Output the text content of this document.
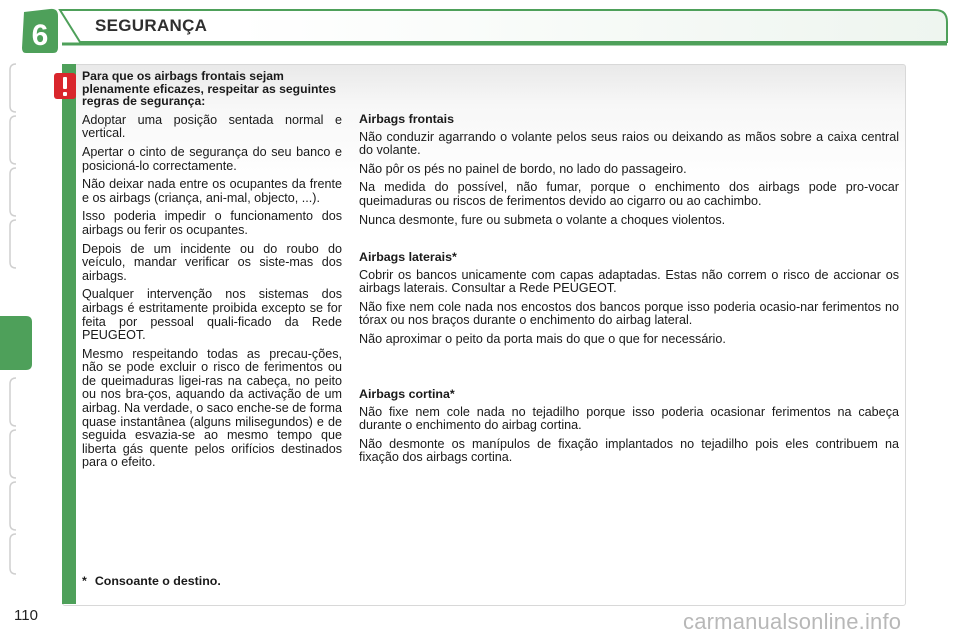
6	SEGURANÇA

Para que os airbags frontais sejam plenamente eficazes, respeitar as seguintes regras de segurança:

Adoptar uma posição sentada normal e vertical.

Apertar o cinto de segurança do seu banco e posicioná-lo correctamente.

Não deixar nada entre os ocupantes da frente e os airbags (criança, ani-mal, objecto, ...).

Isso poderia impedir o funcionamento dos airbags ou ferir os ocupantes.

Depois de um incidente ou do roubo do veículo, mandar verificar os siste-mas dos airbags.

Qualquer intervenção nos sistemas dos airbags é estritamente proibida excepto se for feita por pessoal quali-ficado da Rede PEUGEOT.

Mesmo respeitando todas as precau-ções, não se pode excluir o risco de ferimentos ou de queimaduras ligei-ras na cabeça, no peito ou nos bra-ços, aquando da activação de um airbag. Na verdade, o saco enche-se de forma quase instantânea (alguns milisegundos) e de seguida esvazia-se ao mesmo tempo que liberta gás quente pelos orifícios destinados para o efeito.

Airbags frontais

Não conduzir agarrando o volante pelos seus raios ou deixando as mãos sobre a caixa central do volante.

Não pôr os pés no painel de bordo, no lado do passageiro.

Na medida do possível, não fumar, porque o enchimento dos airbags pode pro-vocar queimaduras ou riscos de ferimentos devido ao cigarro ou ao cachimbo.

Nunca desmonte, fure ou submeta o volante a choques violentos.

Airbags laterais*

Cobrir os bancos unicamente com capas adaptadas. Estas não correm o risco de accionar os airbags laterais. Consultar a Rede PEUGEOT.

Não fixe nem cole nada nos encostos dos bancos porque isso poderia ocasio-nar ferimentos no tórax ou nos braços durante o enchimento do airbag lateral.

Não aproximar o peito da porta mais do que o que for necessário.

Airbags cortina*

Não fixe nem cole nada no tejadilho porque isso poderia ocasionar ferimentos na cabeça durante o enchimento do airbag cortina.

Não desmonte os manípulos de fixação implantados no tejadilho pois eles contribuem na fixação dos airbags cortina.

* Consoante o destino.
110	carmanualsonline.info
